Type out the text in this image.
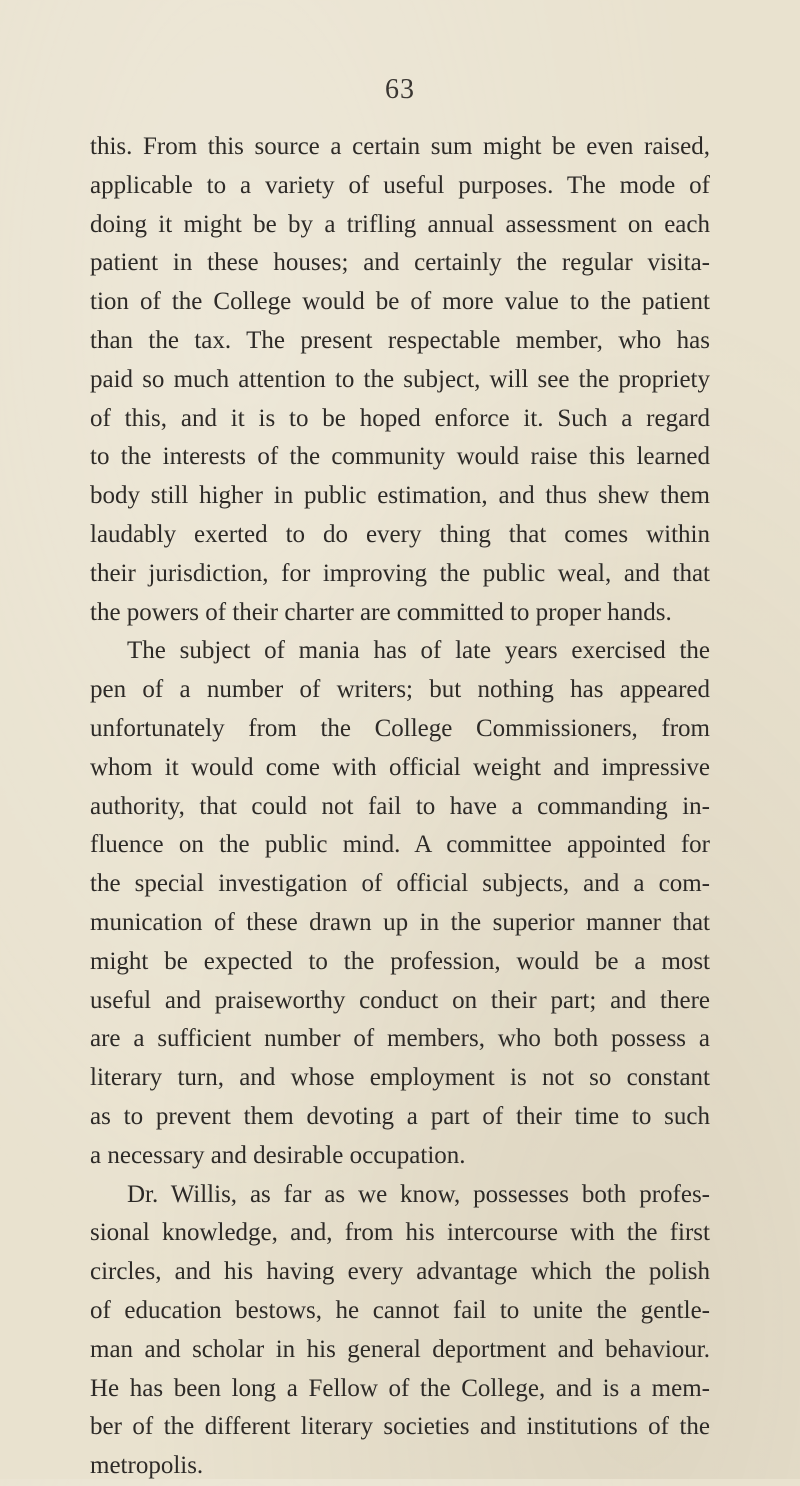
63
this. From this source a certain sum might be even raised,
applicable to a variety of useful purposes. The mode of
doing it might be by a trifling annual assessment on each
patient in these houses; and certainly the regular visita-
tion of the College would be of more value to the patient
than the tax. The present respectable member, who has
paid so much attention to the subject, will see the propriety
of this, and it is to be hoped enforce it. Such a regard
to the interests of the community would raise this learned
body still higher in public estimation, and thus shew them
laudably exerted to do every thing that comes within
their jurisdiction, for improving the public weal, and that
the powers of their charter are committed to proper hands.
The subject of mania has of late years exercised the
pen of a number of writers; but nothing has appeared
unfortunately from the College Commissioners, from
whom it would come with official weight and impressive
authority, that could not fail to have a commanding in-
fluence on the public mind. A committee appointed for
the special investigation of official subjects, and a com-
munication of these drawn up in the superior manner that
might be expected to the profession, would be a most
useful and praiseworthy conduct on their part; and there
are a sufficient number of members, who both possess a
literary turn, and whose employment is not so constant
as to prevent them devoting a part of their time to such
a necessary and desirable occupation.
Dr. Willis, as far as we know, possesses both profes-
sional knowledge, and, from his intercourse with the first
circles, and his having every advantage which the polish
of education bestows, he cannot fail to unite the gentle-
man and scholar in his general deportment and behaviour.
He has been long a Fellow of the College, and is a mem-
ber of the different literary societies and institutions of the
metropolis.
